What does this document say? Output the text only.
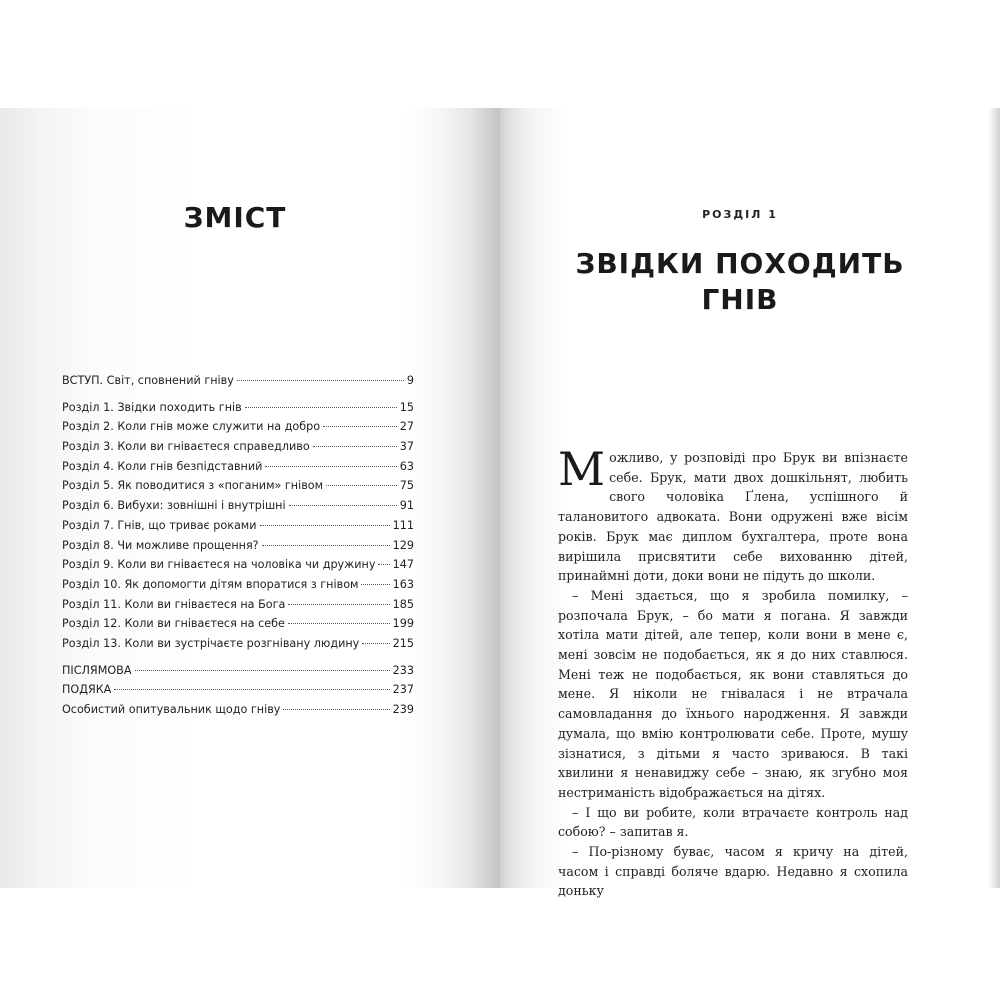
ЗМІСТ
ВСТУП. Світ, сповнений гніву	9
Розділ 1. Звідки походить гнів	15
Розділ 2. Коли гнів може служити на добро	27
Розділ 3. Коли ви гніваєтеся справедливо	37
Розділ 4. Коли гнів безпідставний	63
Розділ 5. Як поводитися з «поганим» гнівом	75
Розділ 6. Вибухи: зовнішні і внутрішні	91
Розділ 7. Гнів, що триває роками	111
Розділ 8. Чи можливе прощення?	129
Розділ 9. Коли ви гніваєтеся на чоловіка чи дружину 147
Розділ 10. Як допомогти дітям впоратися з гнівом	163
Розділ 11. Коли ви гніваєтеся на Бога	185
Розділ 12. Коли ви гніваєтеся на себе	199
Розділ 13. Коли ви зустрічаєте розгнівану людину	215
ПІСЛЯМОВА	233
ПОДЯКА	237
Особистий опитувальник щодо гніву	239
РОЗДІЛ 1
ЗВІДКИ ПОХОДИТЬ
ГНІВ

Можливо, у розповіді про Брук ви впізнаєте себе. Брук, мати двох дошкільнят, любить свого чоловіка Ґлена, успішного й талановитого адвоката. Вони одружені вже вісім років. Брук має диплом бухгалтера, проте вона вирішила присвятити себе вихованню дітей, принаймні доти, доки вони не підуть до школи.

– Мені здається, що я зробила помилку, – розпочала Брук, – бо мати я погана. Я завжди хотіла мати дітей, але тепер, коли вони в мене є, мені зовсім не подобається, як я до них ставлюся. Мені теж не подобається, як вони ставляться до мене. Я ніколи не гнівалася і не втрачала самовладання до їхнього народження. Я завжди думала, що вмію контролювати себе. Проте, мушу зізнатися, з дітьми я часто зриваюся. В такі хвилини я ненавиджу себе – знаю, як згубно моя нестриманість відображається на дітях.

– І що ви робите, коли втрачаєте контроль над собою? – запитав я.

– По-різному буває, часом я кричу на дітей, часом і справді боляче вдарю. Недавно я схопила доньку
